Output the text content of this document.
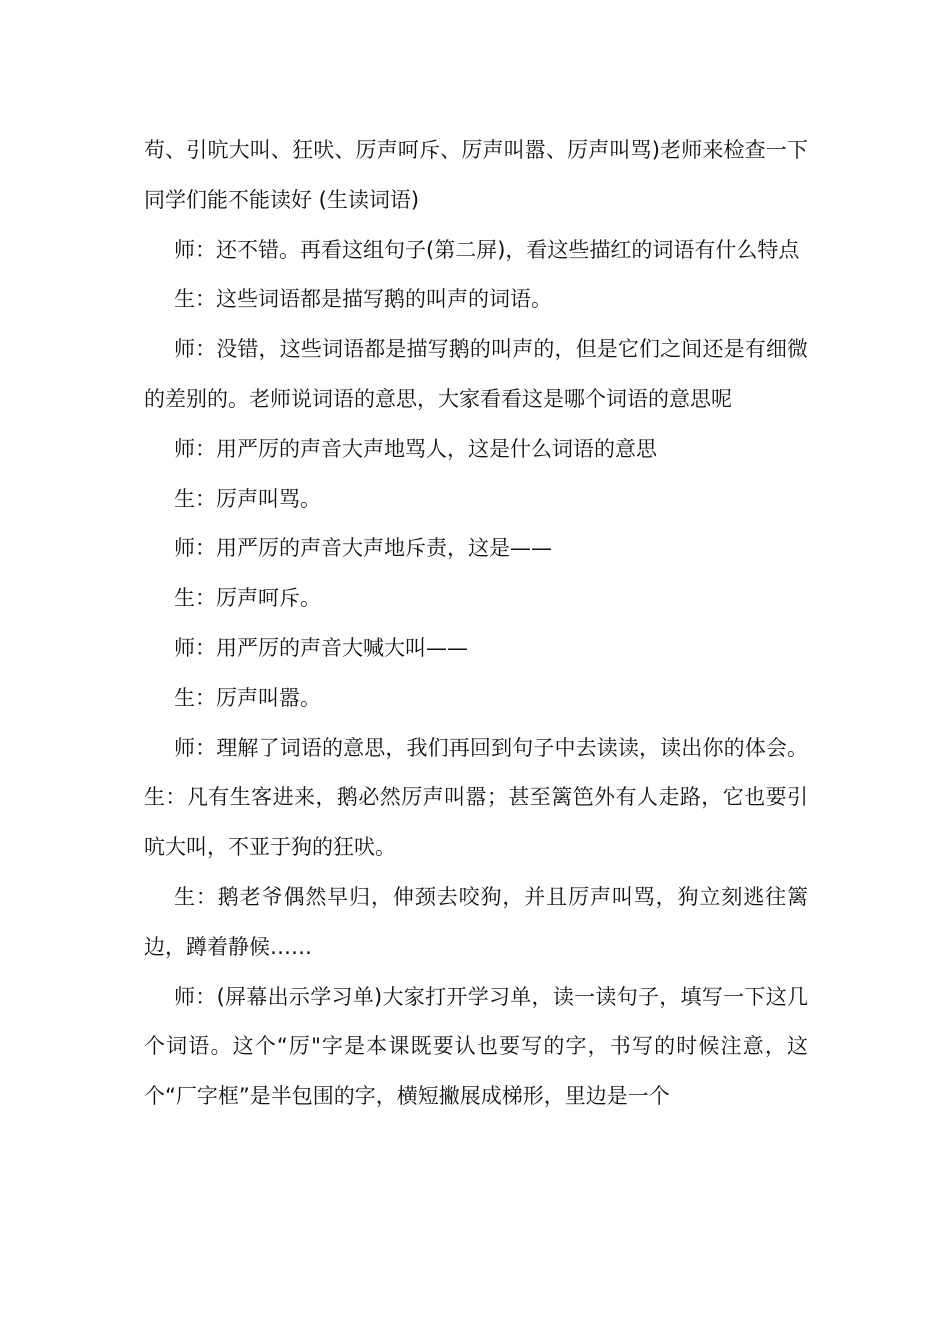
苟、引吭大叫、狂吠、厉声呵斥、厉声叫嚣、厉声叫骂)老师来检查一下同学们能不能读好 (生读词语)

师：还不错。再看这组句子(第二屏)，看这些描红的词语有什么特点

生：这些词语都是描写鹅的叫声的词语。

师：没错，这些词语都是描写鹅的叫声的，但是它们之间还是有细微的差别的。老师说词语的意思，大家看看这是哪个词语的意思呢

师：用严厉的声音大声地骂人，这是什么词语的意思

生：厉声叫骂。

师：用严厉的声音大声地斥责，这是——

生：厉声呵斥。

师：用严厉的声音大喊大叫——

生：厉声叫嚣。

师：理解了词语的意思，我们再回到句子中去读读，读出你的体会。生：凡有生客进来，鹅必然厉声叫嚣；甚至篱笆外有人走路，它也要引吭大叫，不亚于狗的狂吠。

生：鹅老爷偶然早归，伸颈去咬狗，并且厉声叫骂，狗立刻逃往篱边，蹲着静候……

师：(屏幕出示学习单)大家打开学习单，读一读句子，填写一下这几个词语。这个“厉"字是本课既要认也要写的字，书写的时候注意，这个“厂字框”是半包围的字，横短撇展成梯形，里边是一个
